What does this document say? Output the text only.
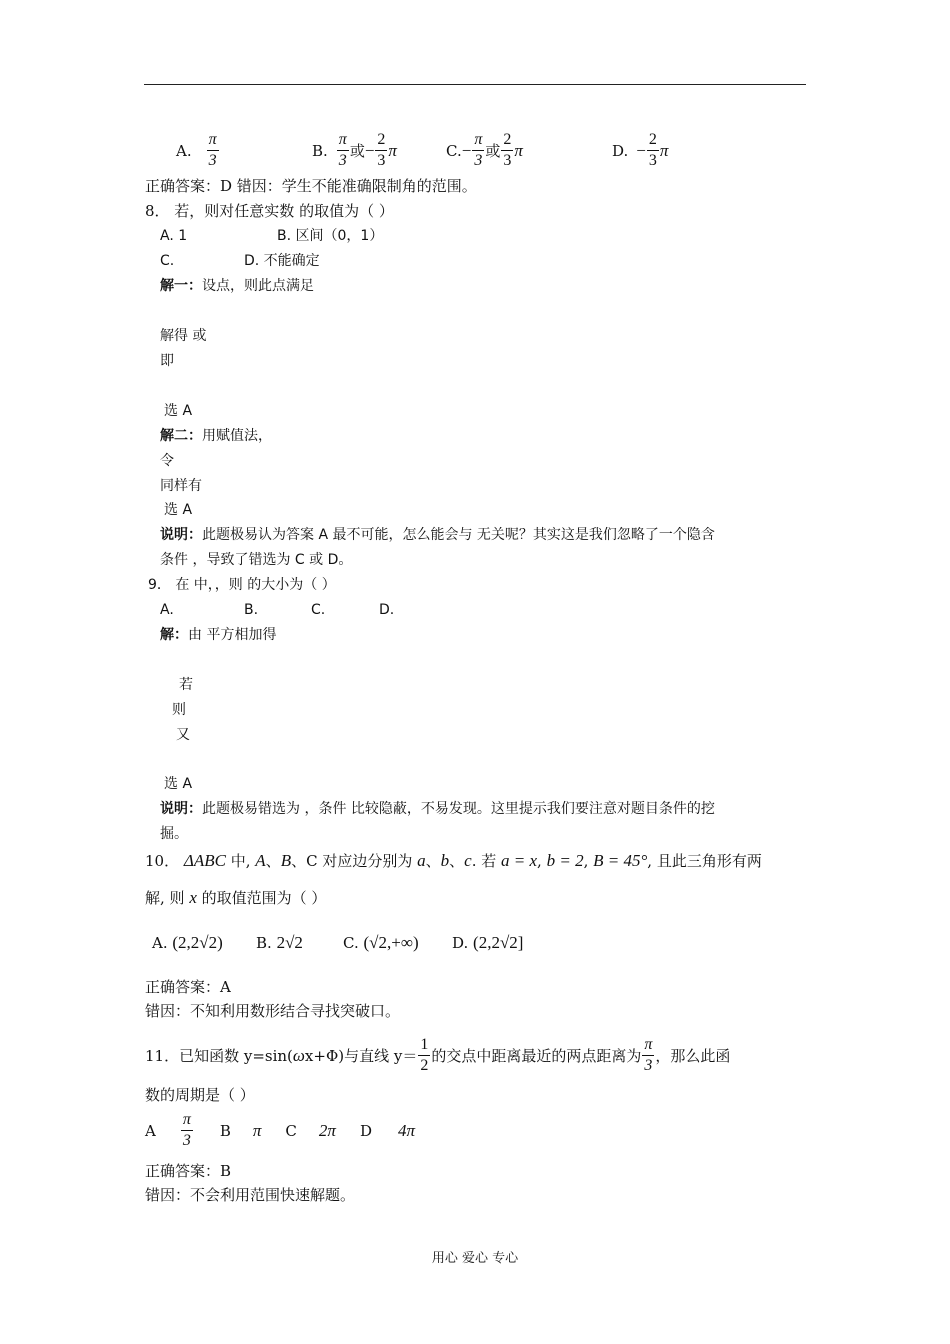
A. $\frac{\pi}{3}$	B. $\frac{\pi}{3}$ 或 − $\frac{2}{3}$ π	C. − $\frac{\pi}{3}$ 或 $\frac{2}{3}$ π	D. − $\frac{2}{3}$ π
正确答案：D 错因：学生不能准确限制角的范围。
8． 若，则对任意实数 的取值为（ ）
A. 1	B. 区间（0，1）
C.	D. 不能确定
解一：设点，则此点满足
解得 或
即
选 A
解二：用赋值法，
令
同样有
选 A
说明：此题极易认为答案 A 最不可能，怎么能会与 无关呢？其实这是我们忽略了一个隐含
条件 ，导致了错选为 C 或 D。
9． 在 中，，则 的大小为（ ）
A.	B.	C.	D.
解：由 平方相加得
若
则
又
选 A
说明：此题极易错选为 ，条件 比较隐蔽，不易发现。这里提示我们要注意对题目条件的挖
掘。
10． ΔABC 中, A、B、C 对应边分别为 a、b、c. 若 a = x, b = 2, B = 45°, 且此三角形有两
解, 则 x 的取值范围为（ ）
A. (2,2√2) B. 2√2	C. (√2,+∞) D. (2,2√2]
正确答案：A
错因：不知利用数形结合寻找突破口。
11．已知函数 y=sin( ω x+Φ)与直线 $y= \frac{1}{2}$ 的交点中距离最近的两点距离为 $\frac{\pi}{3}$ ，那么此函
数的周期是（ ）
A $\frac{\pi}{3}$ B π C 2π D 4π
正确答案：B
错因：不会利用范围快速解题。
用心 爱心 专心
